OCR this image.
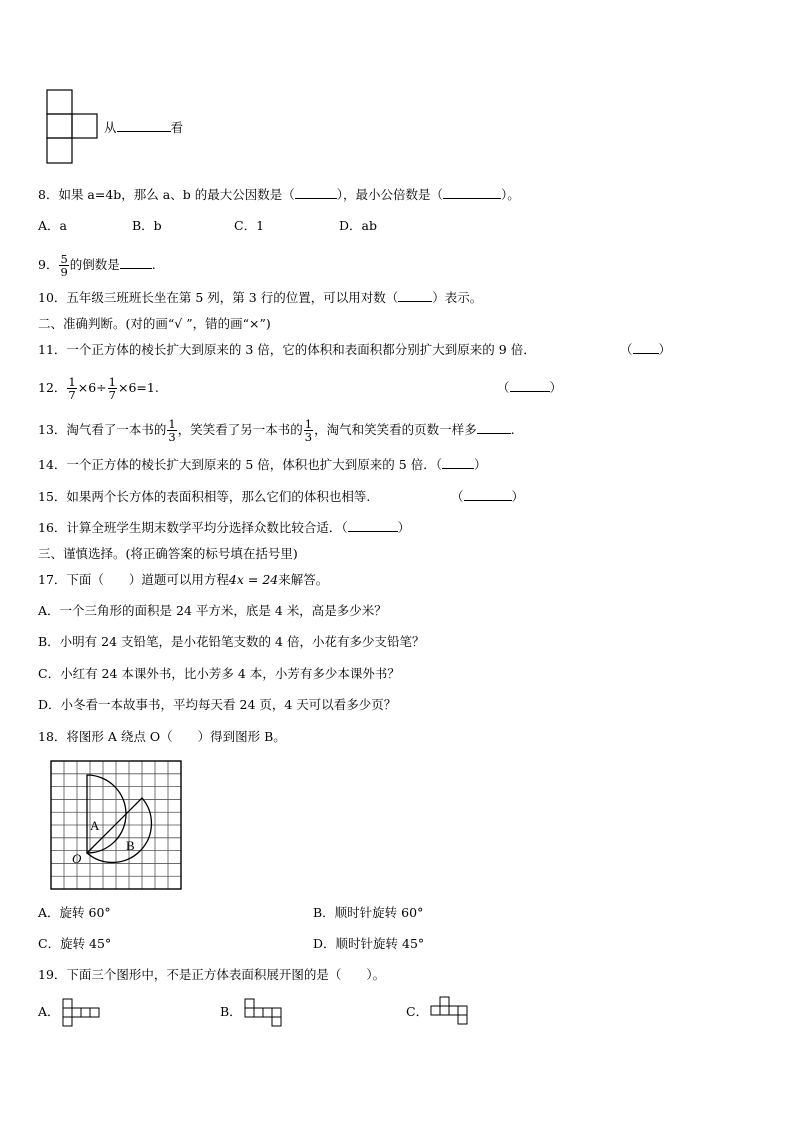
从	看
8．如果 a=4b，那么 a、b 的最大公因数是（	），最小公倍数是（	）。
A．a	B．b	C．1	D．ab
9． $\frac{5}{9}$ 的倒数是	.
10．五年级三班班长坐在第 5 列，第 3 行的位置，可以用对数（	）表示。
二、准确判断。(对的画“√ ”，错的画“×”)
11．一个正方体的棱长扩大到原来的 3 倍，它的体积和表面积都分别扩大到原来的 9 倍．	（ ）
12． $\frac{1}{7} \times 6\div \frac{1}{7} \times 6=1$.	（	）
13．淘气看了一本书的 $\frac{1}{3}$ ，笑笑看了另一本书的 $\frac{1}{3}$ ，淘气和笑笑看的页数一样多	.
14．一个正方体的棱长扩大到原来的 5 倍，体积也扩大到原来的 5 倍．（	）
15．如果两个长方体的表面积相等，那么它们的体积也相等.	（	）
16．计算全班学生期末数学平均分选择众数比较合适．（	）
三、谨慎选择。(将正确答案的标号填在括号里)
17．下面（　　）道题可以用方程4x = 24来解答。
A．一个三角形的面积是 24 平方米，底是 4 米，高是多少米？
B．小明有 24 支铅笔，是小花铅笔支数的 4 倍，小花有多少支铅笔？
C．小红有 24 本课外书，比小芳多 4 本，小芳有多少本课外书？
D．小冬看一本故事书，平均每天看 24 页，4 天可以看多少页？
18．将图形 A 绕点 O（　　）得到图形 B。
A
B
O
A．旋转 60°	B．顺时针旋转 60°
C．旋转 45°	D．顺时针旋转 45°
19．下面三个图形中，不是正方体表面积展开图的是（　　）。
A．	B．	C．
